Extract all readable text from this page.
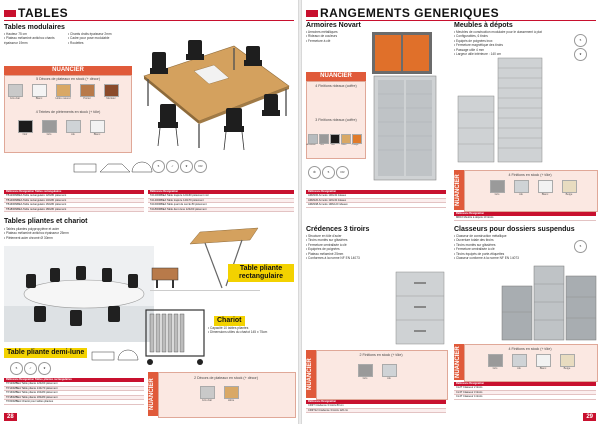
TABLES
Tables modulaires
• Hauteur 75 cm
• Plateau mélaminé antichoc chants épaisseur 19mm
• Chants droits épaisseur 2mm
• Cadre pour pose modulable
• Roulettes
NUANCIER
5 Décors de plateaux en stock (+ décor)
Gris clair	Blanc	Hêtre naturel	Poirier	Merisier
4 Teintes de piètements en stock (+ tôle)
Noir	Gris	Alu	Blanc
5	✓	★	FR
Référence Désignation Tables rectangulaires
TB1200MBEA Table rectangulaire 120x80 piètement
TB1400MBEA Table rectangulaire 140x80 piètement
TB1600MBEA Table rectangulaire 160x80 piètement
TB1800MBEA Table rectangulaire 180x80 piètement
Référence Désignation
TA1200MBEA Table trapèze 120x60 piètement noir
TA1400MBEA Table trapèze 140x70 piètement
TA1600MBEA Table quart de cercle 80 piètement
TA1800MBEA Table demi-lune 120x60 piètement
Tables pliantes et chariot
• Tables pliantes polypropylène et acier
• Plateau mélaminé antichoc épaisseur 25mm
• Piètement acier chromé Ø 30mm
Table pliante rectangulaire
Chariot
• Capacité 10 tables pliantes
• Dimensions utiles du chariot 145 x 75cm
Table pliante demi-lune
5	✓	★
Référence Désignation Tables pliantes rectangulaires
TP120MBEA Table pliante 120x60 piètement
TP140MBEA Table pliante 140x70 piètement
TP160MBEA Table pliante 160x80 piètement
TP180MBEA Table pliante 180x80 piètement
TP200MBEA Chariot pour tables pliantes	NUANCIER
2 Décors de plateaux en stock (+ décor)
Gris clair	Hêtre
28
RANGEMENTS GENERIQUES
Armoires Novart
• Armoires métalliques
• Rideaux de couleurs
• Fermeture à clé
NUANCIER
4 Finitions rideaux (coffre)
3 Finitions rideaux (coffre)
Aluminium	Gris	Noir	Hêtre	Orange
♻	5	FR
Référence Désignation
ARM100 Armoire 100x43 rideaux
ARM120 Armoire 120x43 rideaux
ARM198 Armoire 198x120 rideaux
Meubles à dépots
• Meubles de construction modulaire pour le classement à plat
• Configurables, 6 tiroirs
• Equipés de poignées inox
• Fermeture magnétique des tiroirs
• Passage utile 4 mm
• Largeur utile intérieure : 140 cm
5
★
NUANCIER	4 Finitions en stock (+ tôle)
Gris	Alu	Blanc	Beige
Référence Désignation
MD10 Meuble à dépots 10 tiroirs
Crédences 3 tiroirs
• Structure en tôle d'acier
• Tiroirs montés sur glissières
• Fermeture centralisée à clé
• Equipées de poignées
• Plateau mélaminé 25mm
• Conformes à la norme NF EN 14073
NUANCIER
2 Finitions en stock (+ tôle)
Gris	Alu
Référence Désignation
CR3T Crédence 3 tiroirs 80 cm
CR3T12 Crédence 3 tiroirs 120 cm
Classeurs pour dossiers suspendus
• Classeur de construction métallique
• Ouverture totale des tiroirs
• Tiroirs montés sur glissières
• Fermeture centralisée à clé
• Tiroirs équipés de porte-étiquettes
• Classeur conforme à la norme NF EN 14073
5
NUANCIER	4 Finitions en stock (+ tôle)
Gris	Alu	Blanc	Beige
Référence Désignation
CL2T Classeur 2 tiroirs
CL3T Classeur 3 tiroirs
CL4T Classeur 4 tiroirs
29
